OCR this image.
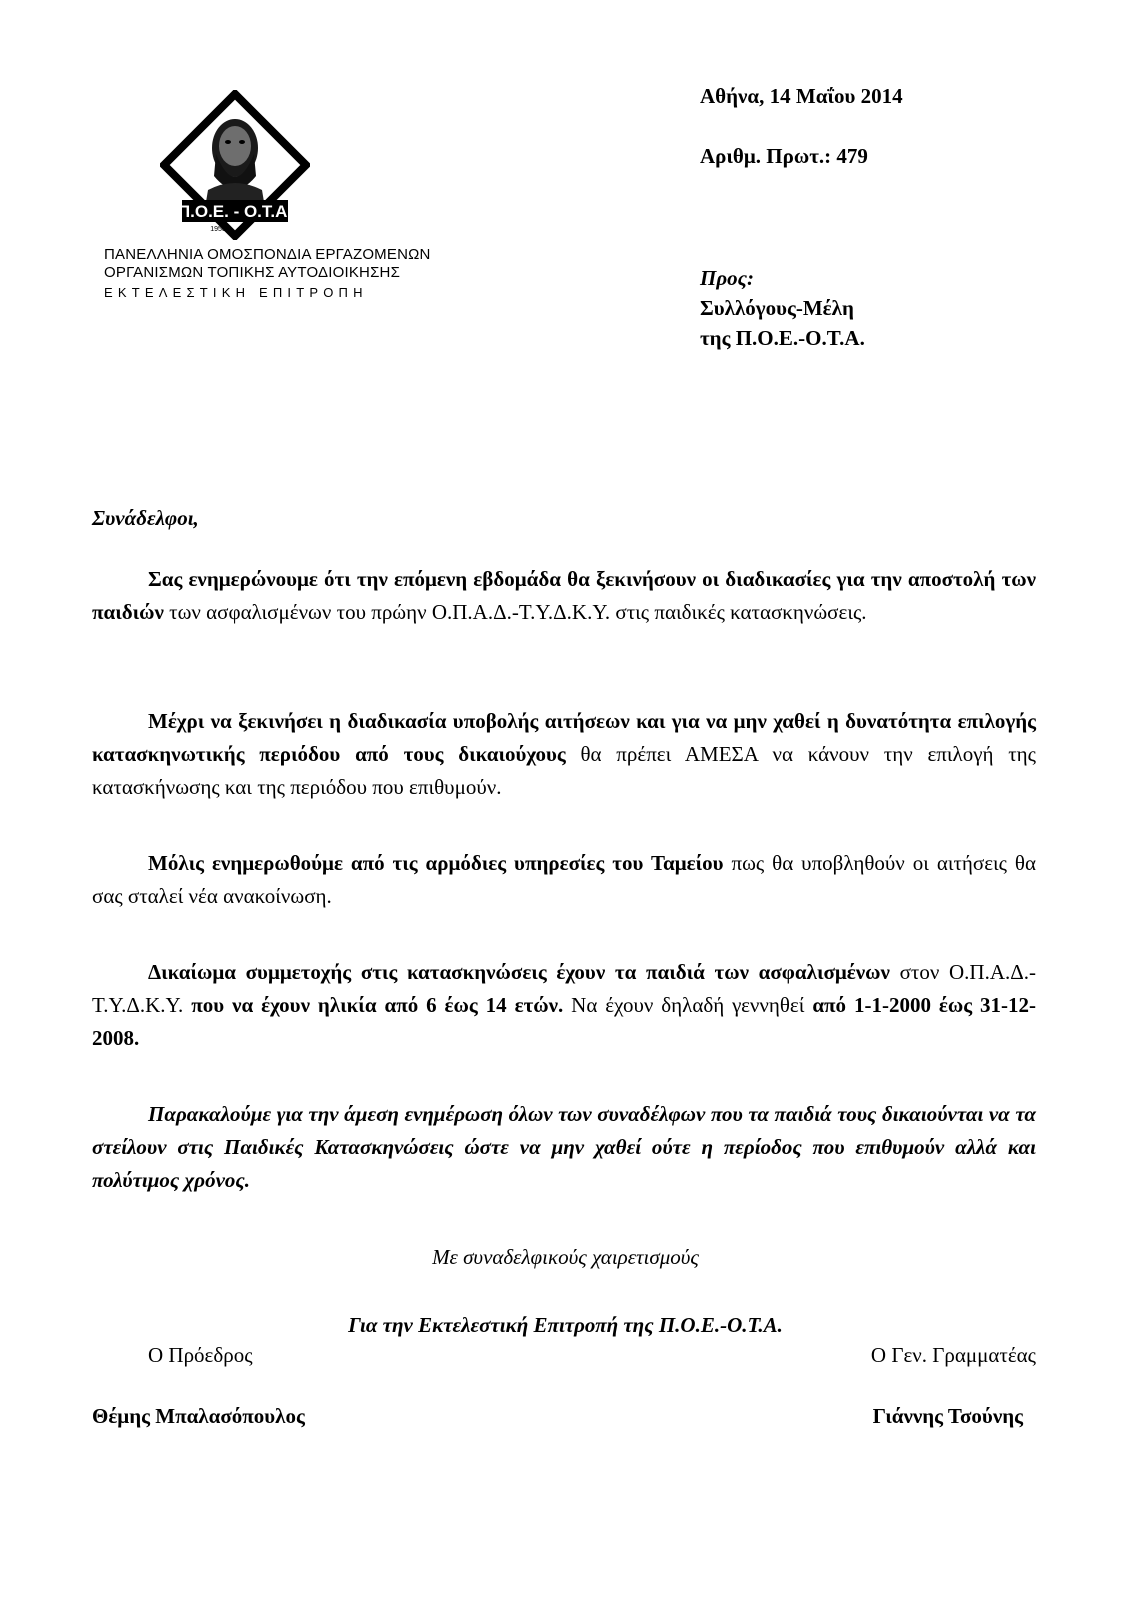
Π.Ο.Ε. - Ο.Τ.Α.
1950
ΠΑΝΕΛΛΗΝΙΑ ΟΜΟΣΠΟΝΔΙΑ ΕΡΓΑΖΟΜΕΝΩΝ
ΟΡΓΑΝΙΣΜΩΝ ΤΟΠΙΚΗΣ ΑΥΤΟΔΙΟΙΚΗΣΗΣ
ΕΚΤΕΛΕΣΤΙΚΗ ΕΠΙΤΡΟΠΗ
Αθήνα, 14 Μαΐου 2014
Αριθμ. Πρωτ.: 479
Προς:
Συλλόγους-Μέλη
της Π.Ο.Ε.-Ο.Τ.Α.
Συνάδελφοι,
Σας ενημερώνουμε ότι την επόμενη εβδομάδα θα ξεκινήσουν οι διαδικασίες για την αποστολή των παιδιών των ασφαλισμένων του πρώην Ο.Π.Α.Δ.-Τ.Υ.Δ.Κ.Υ. στις παιδικές κατασκηνώσεις.
Μέχρι να ξεκινήσει η διαδικασία υποβολής αιτήσεων και για να μην χαθεί η δυνατότητα επιλογής κατασκηνωτικής περιόδου από τους δικαιούχους θα πρέπει ΑΜΕΣΑ να κάνουν την επιλογή της κατασκήνωσης και της περιόδου που επιθυμούν.
Μόλις ενημερωθούμε από τις αρμόδιες υπηρεσίες του Ταμείου πως θα υποβληθούν οι αιτήσεις θα σας σταλεί νέα ανακοίνωση.
Δικαίωμα συμμετοχής στις κατασκηνώσεις έχουν τα παιδιά των ασφαλισμένων στον Ο.Π.Α.Δ.-Τ.Υ.Δ.Κ.Υ. που να έχουν ηλικία από 6 έως 14 ετών. Να έχουν δηλαδή γεννηθεί από 1-1-2000 έως 31-12-2008.
Παρακαλούμε για την άμεση ενημέρωση όλων των συναδέλφων που τα παιδιά τους δικαιούνται να τα στείλουν στις Παιδικές Κατασκηνώσεις ώστε να μην χαθεί ούτε η περίοδος που επιθυμούν αλλά και πολύτιμος χρόνος.
Με συναδελφικούς χαιρετισμούς
Για την Εκτελεστική Επιτροπή της Π.Ο.Ε.-Ο.Τ.Α.
Ο Πρόεδρος	Ο Γεν. Γραμματέας
Θέμης Μπαλασόπουλος	Γιάννης Τσούνης
